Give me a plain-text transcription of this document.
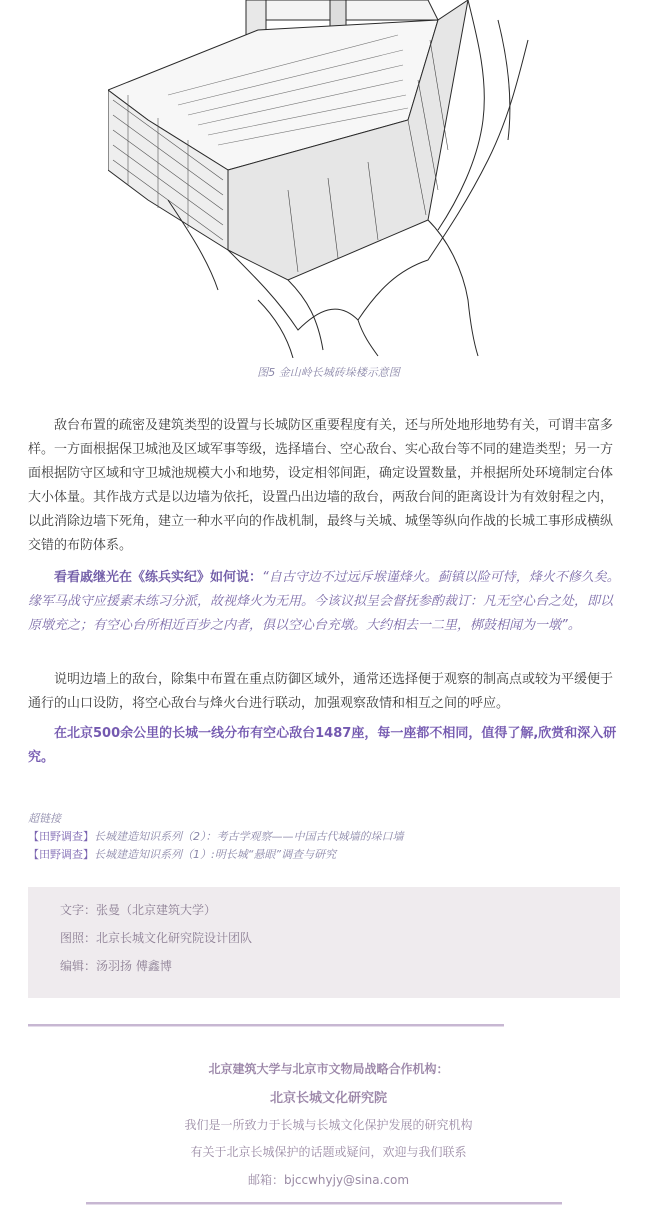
图5 金山岭长城砖垛楼示意图

敌台布置的疏密及建筑类型的设置与长城防区重要程度有关，还与所处地形地势有关，可谓丰富多样。一方面根据保卫城池及区域军事等级，选择墙台、空心敌台、实心敌台等不同的建造类型；另一方面根据防守区域和守卫城池规模大小和地势，设定相邻间距，确定设置数量，并根据所处环境制定台体大小体量。其作战方式是以边墙为依托，设置凸出边墙的敌台，两敌台间的距离设计为有效射程之内，以此消除边墙下死角，建立一种水平向的作战机制，最终与关城、城堡等纵向作战的长城工事形成横纵交错的布防体系。

看看戚继光在《练兵实纪》如何说：“自古守边不过远斥堠谨烽火。蓟镇以险可恃，烽火不修久矣。缘军马战守应援素未练习分派，故视烽火为无用。今该议拟呈会督抚参酌裁订：凡无空心台之处，即以原墩充之；有空心台所相近百步之内者，俱以空心台充墩。大约相去一二里，梆鼓相闻为一墩”。

说明边墙上的敌台，除集中布置在重点防御区域外，通常还选择便于观察的制高点或较为平缓便于通行的山口设防，将空心敌台与烽火台进行联动，加强观察敌情和相互之间的呼应。

在北京500余公里的长城一线分布有空心敌台1487座，每一座都不相同，值得了解,欣赏和深入研究。

超链接
【田野调查】长城建造知识系列（2）：考古学观察——中国古代城墙的垛口墙
【田野调查】长城建造知识系列（1）:明长城“悬眼”调查与研究
文字：张曼（北京建筑大学）
图照：北京长城文化研究院设计团队
编辑：汤羽扬 傅鑫博
北京建筑大学与北京市文物局战略合作机构：
北京长城文化研究院
我们是一所致力于长城与长城文化保护发展的研究机构
有关于北京长城保护的话题或疑问，欢迎与我们联系
邮箱：bjccwhyjy@sina.com
